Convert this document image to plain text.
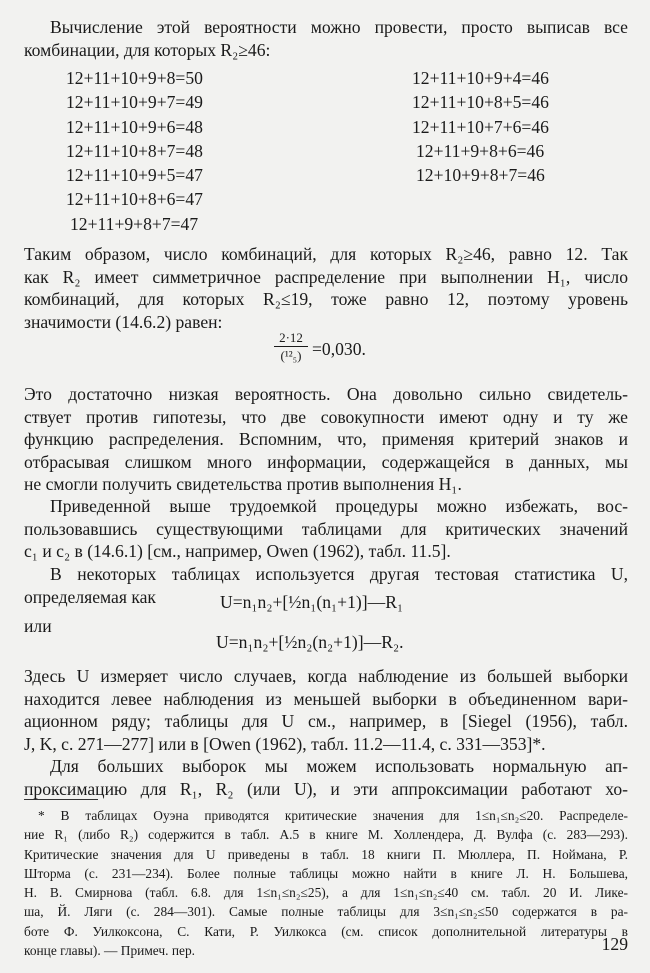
Вычисление этой вероятности можно провести, просто выписав все
комбинации, для которых R₂≥46:

12+11+10+9+8=50
12+11+10+9+7=49
12+11+10+9+6=48
12+11+10+8+7=48
12+11+10+9+5=47
12+11+10+8+6=47
12+11+9+8+7=47
12+11+10+9+4=46
12+11+10+8+5=46
12+11+10+7+6=46
12+11+9+8+6=46
12+10+9+8+7=46

Таким образом, число комбинаций, для которых R₂≥46, равно 12. Так
как R₂ имеет симметричное распределение при выполнении H₁, число
комбинаций, для которых R₂≤19, тоже равно 12, поэтому уровень
значимости (14.6.2) равен:

2·12
(¹²₅) =0,030.

Это достаточно низкая вероятность. Она довольно сильно свидетель-
ствует против гипотезы, что две совокупности имеют одну и ту же
функцию распределения. Вспомним, что, применяя критерий знаков и
отбрасывая слишком много информации, содержащейся в данных, мы
не смогли получить свидетельства против выполнения H₁.

Приведенной выше трудоемкой процедуры можно избежать, вос-
пользовавшись существующими таблицами для критических значений
c₁ и c₂ в (14.6.1) [см., например, Owen (1962), табл. 11.5].

В некоторых таблицах используется другая тестовая статистика U,
определяемая как	U=n₁n₂+[½n₁(n₁+1)]—R₁
или
U=n₁n₂+[½n₂(n₂+1)]—R₂.

Здесь U измеряет число случаев, когда наблюдение из большей выборки
находится левее наблюдения из меньшей выборки в объединенном вари-
ационном ряду; таблицы для U см., например, в [Siegel (1956), табл.
J, K, с. 271—277] или в [Owen (1962), табл. 11.2—11.4, с. 331—353]*.

Для больших выборок мы можем использовать нормальную ап-
проксимацию для R₁, R₂ (или U), и эти аппроксимации работают хо-

* В таблицах Оуэна приводятся критические значения для 1≤n₁≤n₂≤20. Распределе-
ние R₁ (либо R₂) содержится в табл. А.5 в книге М. Холлендера, Д. Вулфа (с. 283—293).
Критические значения для U приведены в табл. 18 книги П. Мюллера, П. Ноймана, Р.
Шторма (с. 231—234). Более полные таблицы можно найти в книге Л. Н. Большева,
Н. В. Смирнова (табл. 6.8. для 1≤n₁≤n₂≤25), а для 1≤n₁≤n₂≤40 см. табл. 20 И. Лике-
ша, Й. Ляги (с. 284—301). Самые полные таблицы для 3≤n₁≤n₂≤50 содержатся в ра-
боте Ф. Уилкоксона, С. Кати, Р. Уилкокса (см. список дополнительной литературы в
конце главы). — Примеч. пер.	129
